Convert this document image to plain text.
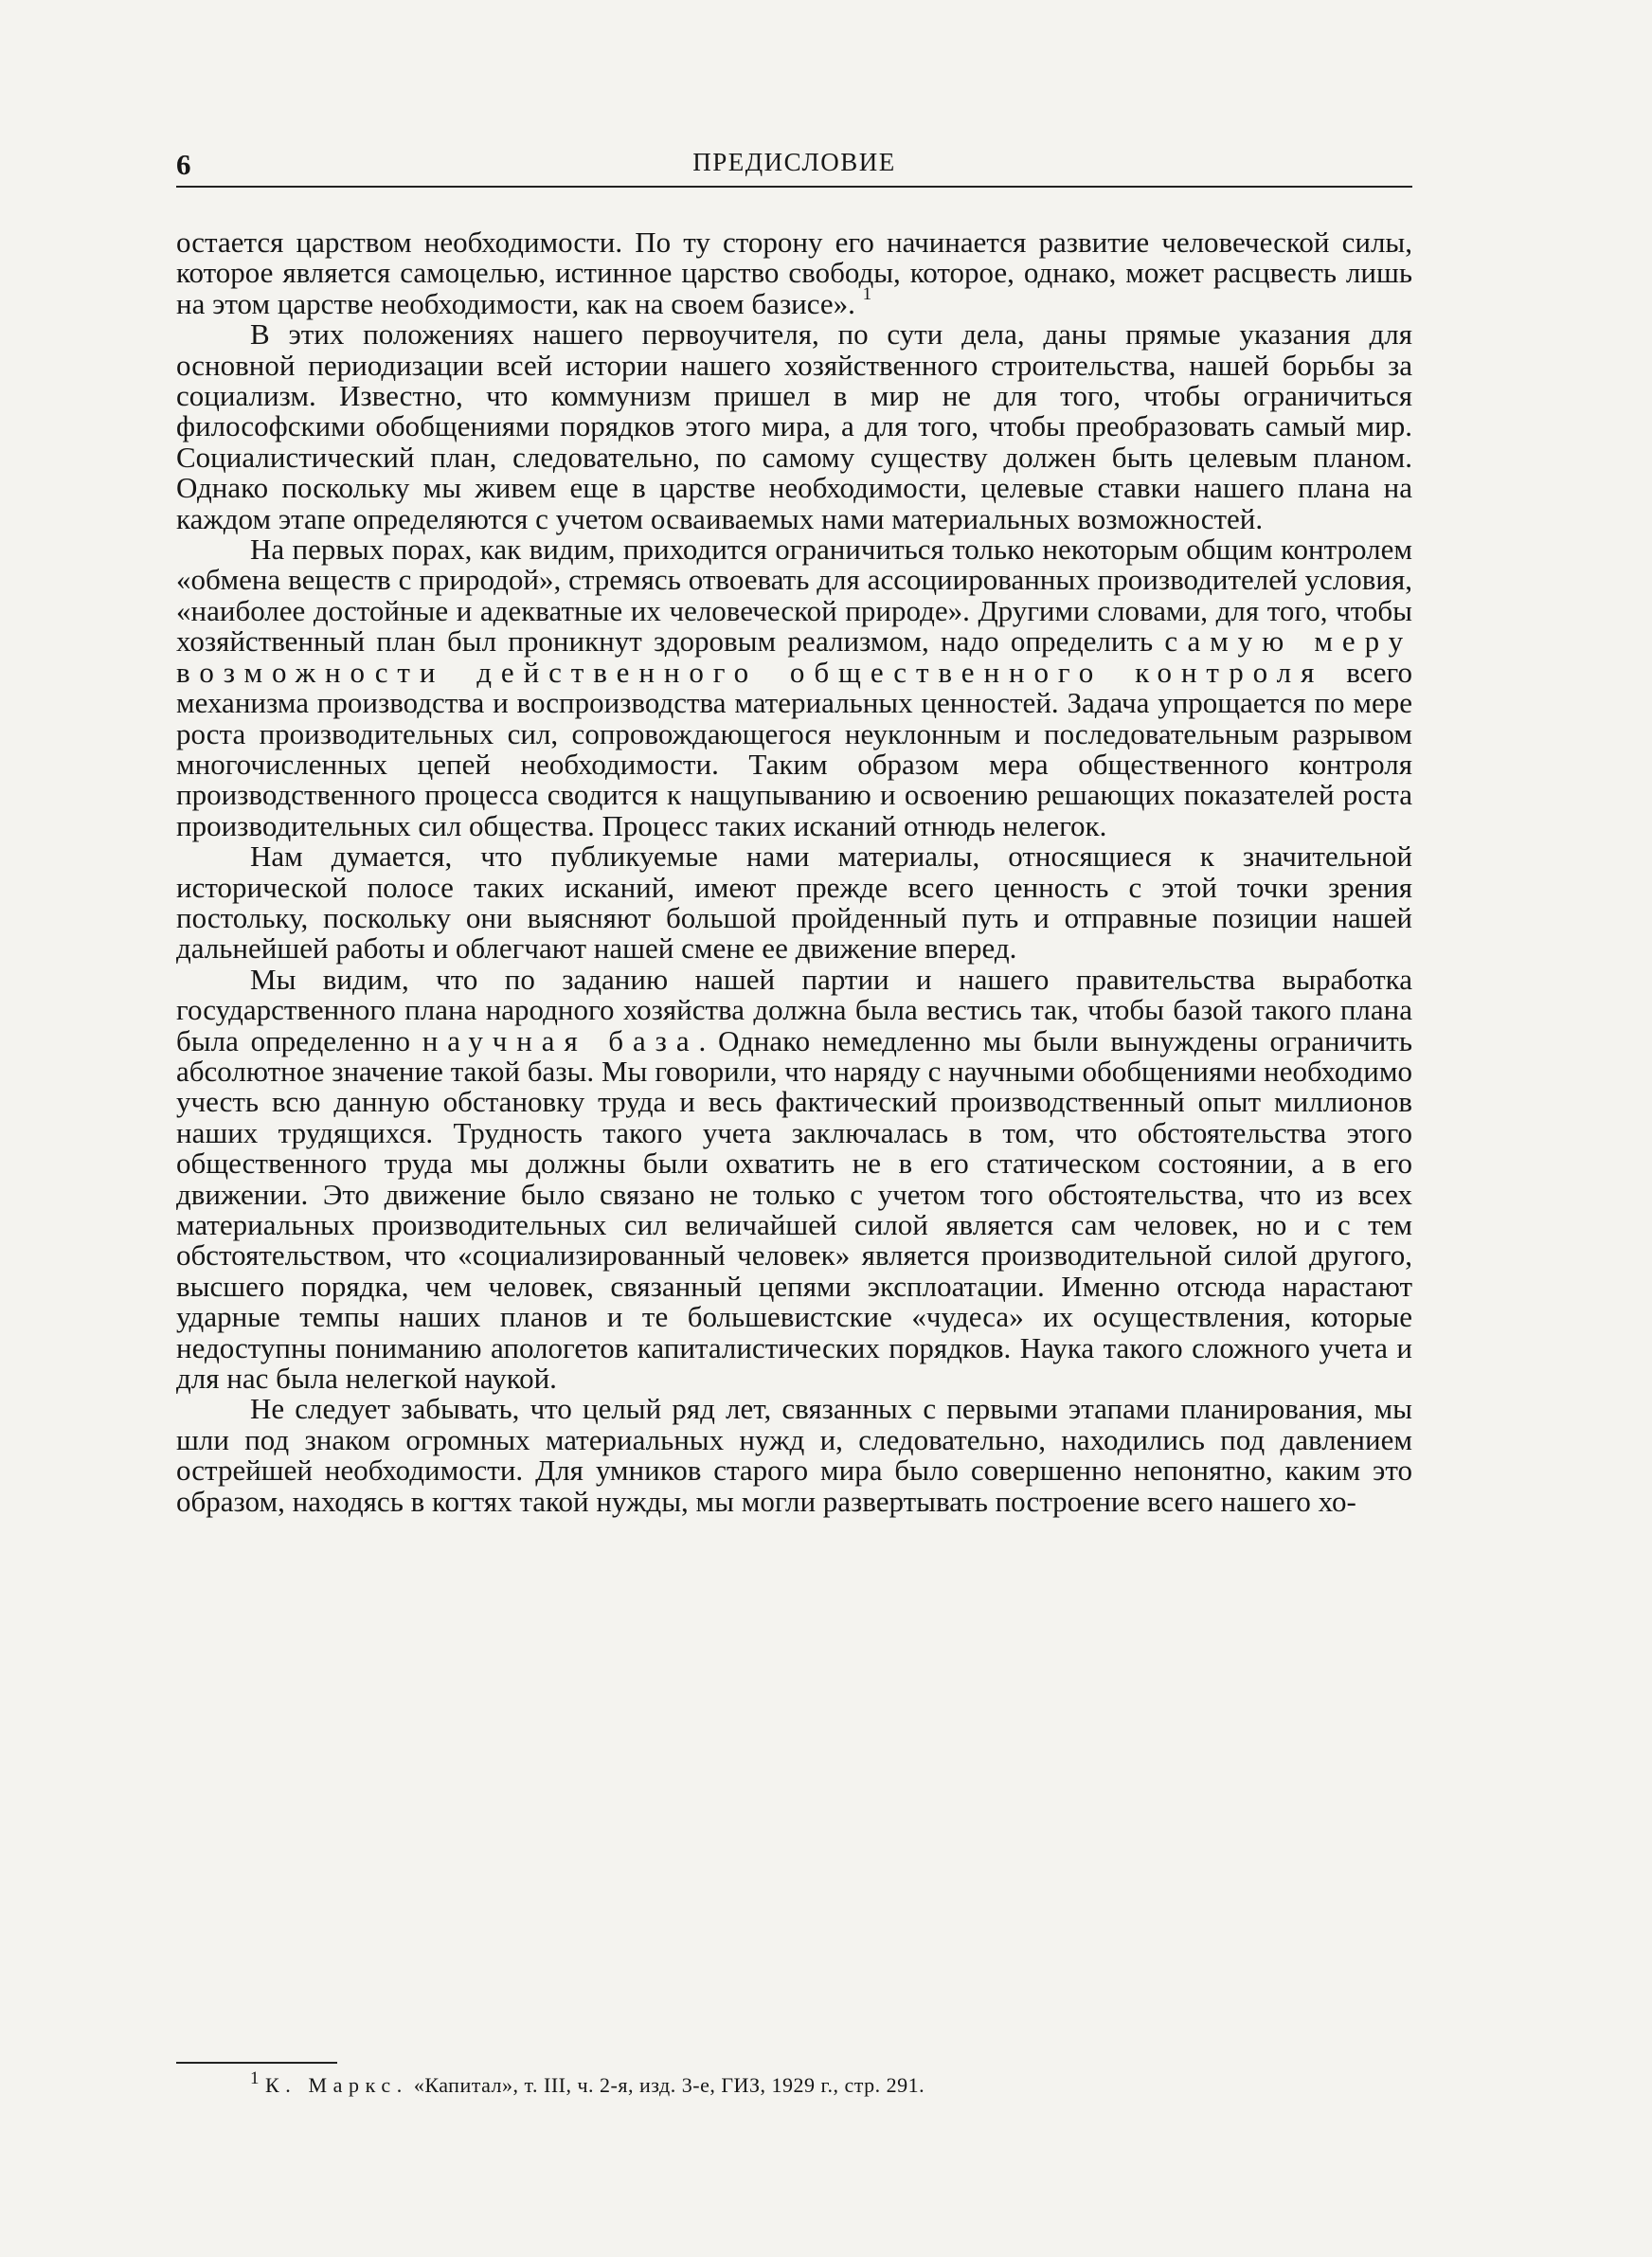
6	ПРЕДИСЛОВИЕ

остается царством необходимости. По ту сторону его начинается развитие человеческой силы, которое является самоцелью, истинное царство свободы, которое, однако, может расцвесть лишь на этом царстве необходимости, как на своем базисе». $^1$

В этих положениях нашего первоучителя, по сути дела, даны прямые указания для основной периодизации всей истории нашего хозяйственного строительства, нашей борьбы за социализм. Известно, что коммунизм пришел в мир не для того, чтобы ограничиться философскими обобщениями порядков этого мира, а для того, чтобы преобразовать самый мир. Социалистический план, следовательно, по самому существу должен быть целевым планом. Однако поскольку мы живем еще в царстве необходимости, целевые ставки нашего плана на каждом этапе определяются с учетом осваиваемых нами материальных возможностей.

На первых порах, как видим, приходится ограничиться только некоторым общим контролем «обмена веществ с природой», стремясь отвоевать для ассоциированных производителей условия, «наиболее достойные и адекватные их человеческой природе». Другими словами, для того, чтобы хозяйственный план был проникнут здоровым реализмом, надо определить самую меру возможности действенного общественного контроля всего механизма производства и воспроизводства материальных ценностей. Задача упрощается по мере роста производительных сил, сопровождающегося неуклонным и последовательным разрывом многочисленных цепей необходимости. Таким образом мера общественного контроля производственного процесса сводится к нащупыванию и освоению решающих показателей роста производительных сил общества. Процесс таких исканий отнюдь нелегок.

Нам думается, что публикуемые нами материалы, относящиеся к значительной исторической полосе таких исканий, имеют прежде всего ценность с этой точки зрения постольку, поскольку они выясняют большой пройденный путь и отправные позиции нашей дальнейшей работы и облегчают нашей смене ее движение вперед.

Мы видим, что по заданию нашей партии и нашего правительства выработка государственного плана народного хозяйства должна была вестись так, чтобы базой такого плана была определенно научная база. Однако немедленно мы были вынуждены ограничить абсолютное значение такой базы. Мы говорили, что наряду с научными обобщениями необходимо учесть всю данную обстановку труда и весь фактический производственный опыт миллионов наших трудящихся. Трудность такого учета заключалась в том, что обстоятельства этого общественного труда мы должны были охватить не в его статическом состоянии, а в его движении. Это движение было связано не только с учетом того обстоятельства, что из всех материальных производительных сил величайшей силой является сам человек, но и с тем обстоятельством, что «социализированный человек» является производительной силой другого, высшего порядка, чем человек, связанный цепями эксплоатации. Именно отсюда нарастают ударные темпы наших планов и те большевистские «чудеса» их осуществления, которые недоступны пониманию апологетов капиталистических порядков. Наука такого сложного учета и для нас была нелегкой наукой.

Не следует забывать, что целый ряд лет, связанных с первыми этапами планирования, мы шли под знаком огромных материальных нужд и, следовательно, находились под давлением острейшей необходимости. Для умников старого мира было совершенно непонятно, каким это образом, находясь в когтях такой нужды, мы могли развертывать построение всего нашего хо-

$^1$ К. Маркс. «Капитал», т. III, ч. 2-я, изд. 3-е, ГИЗ, 1929 г., стр. 291.
